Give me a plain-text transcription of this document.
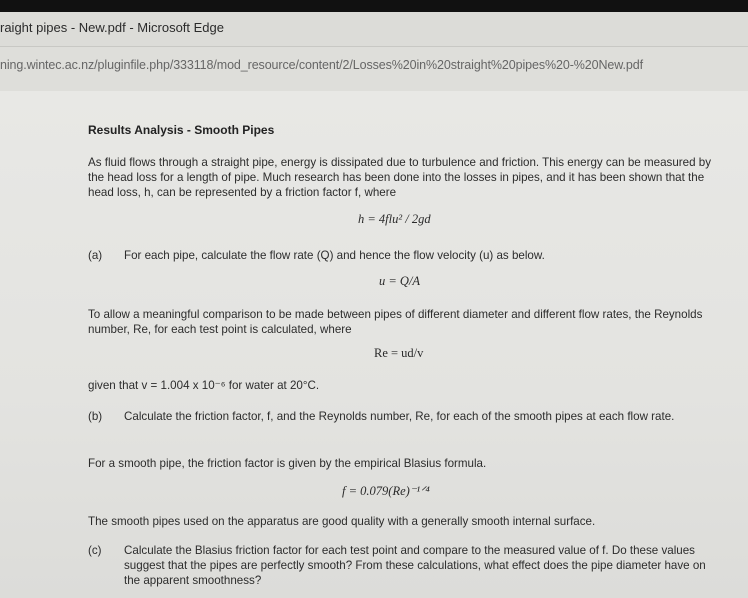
raight pipes - New.pdf - Microsoft Edge
ning.wintec.ac.nz/pluginfile.php/333118/mod_resource/content/2/Losses%20in%20straight%20pipes%20-%20New.pdf
Results Analysis - Smooth Pipes
As fluid flows through a straight pipe, energy is dissipated due to turbulence and friction. This energy can be measured by the head loss for a length of pipe. Much research has been done into the losses in pipes, and it has been shown that the head loss, h, can be represented by a friction factor f, where
h = 4flu² / 2gd
(a) For each pipe, calculate the flow rate (Q) and hence the flow velocity (u) as below.
u = Q/A
To allow a meaningful comparison to be made between pipes of different diameter and different flow rates, the Reynolds number, Re, for each test point is calculated, where
Re = ud/v
given that v = 1.004 x 10⁻⁶ for water at 20°C.
(b) Calculate the friction factor, f, and the Reynolds number, Re, for each of the smooth pipes at each flow rate.
For a smooth pipe, the friction factor is given by the empirical Blasius formula.
f = 0.079(Re)⁻¹ᐟ⁴
The smooth pipes used on the apparatus are good quality with a generally smooth internal surface.
(c) Calculate the Blasius friction factor for each test point and compare to the measured value of f. Do these values suggest that the pipes are perfectly smooth? From these calculations, what effect does the pipe diameter have on the apparent smoothness?
